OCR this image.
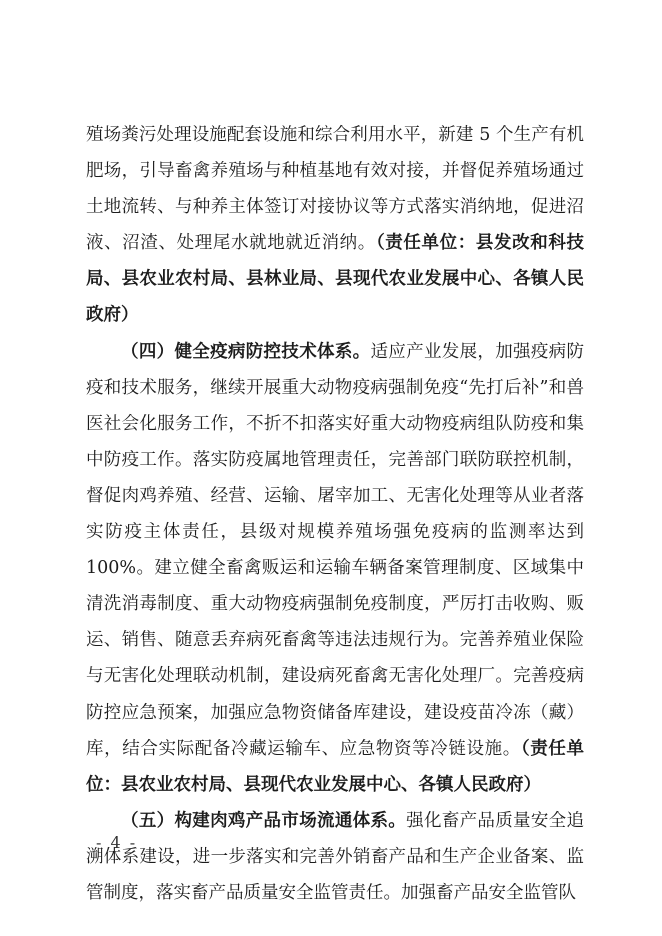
殖场粪污处理设施配套设施和综合利用水平，新建 5 个生产有机肥场，引导畜禽养殖场与种植基地有效对接，并督促养殖场通过土地流转、与种养主体签订对接协议等方式落实消纳地，促进沼液、沼渣、处理尾水就地就近消纳。（责任单位：县发改和科技局、县农业农村局、县林业局、县现代农业发展中心、各镇人民政府）

（四）健全疫病防控技术体系。适应产业发展，加强疫病防疫和技术服务，继续开展重大动物疫病强制免疫“先打后补”和兽医社会化服务工作，不折不扣落实好重大动物疫病组队防疫和集中防疫工作。落实防疫属地管理责任，完善部门联防联控机制，督促肉鸡养殖、经营、运输、屠宰加工、无害化处理等从业者落实防疫主体责任，县级对规模养殖场强免疫病的监测率达到 100%。建立健全畜禽贩运和运输车辆备案管理制度、区域集中清洗消毒制度、重大动物疫病强制免疫制度，严厉打击收购、贩运、销售、随意丢弃病死畜禽等违法违规行为。完善养殖业保险与无害化处理联动机制，建设病死畜禽无害化处理厂。完善疫病防控应急预案，加强应急物资储备库建设，建设疫苗冷冻（藏）库，结合实际配备冷藏运输车、应急物资等冷链设施。（责任单位：县农业农村局、县现代农业发展中心、各镇人民政府）

（五）构建肉鸡产品市场流通体系。强化畜产品质量安全追溯体系建设，进一步落实和完善外销畜产品和生产企业备案、监管制度，落实畜产品质量安全监管责任。加强畜产品安全监管队

- 4 -
